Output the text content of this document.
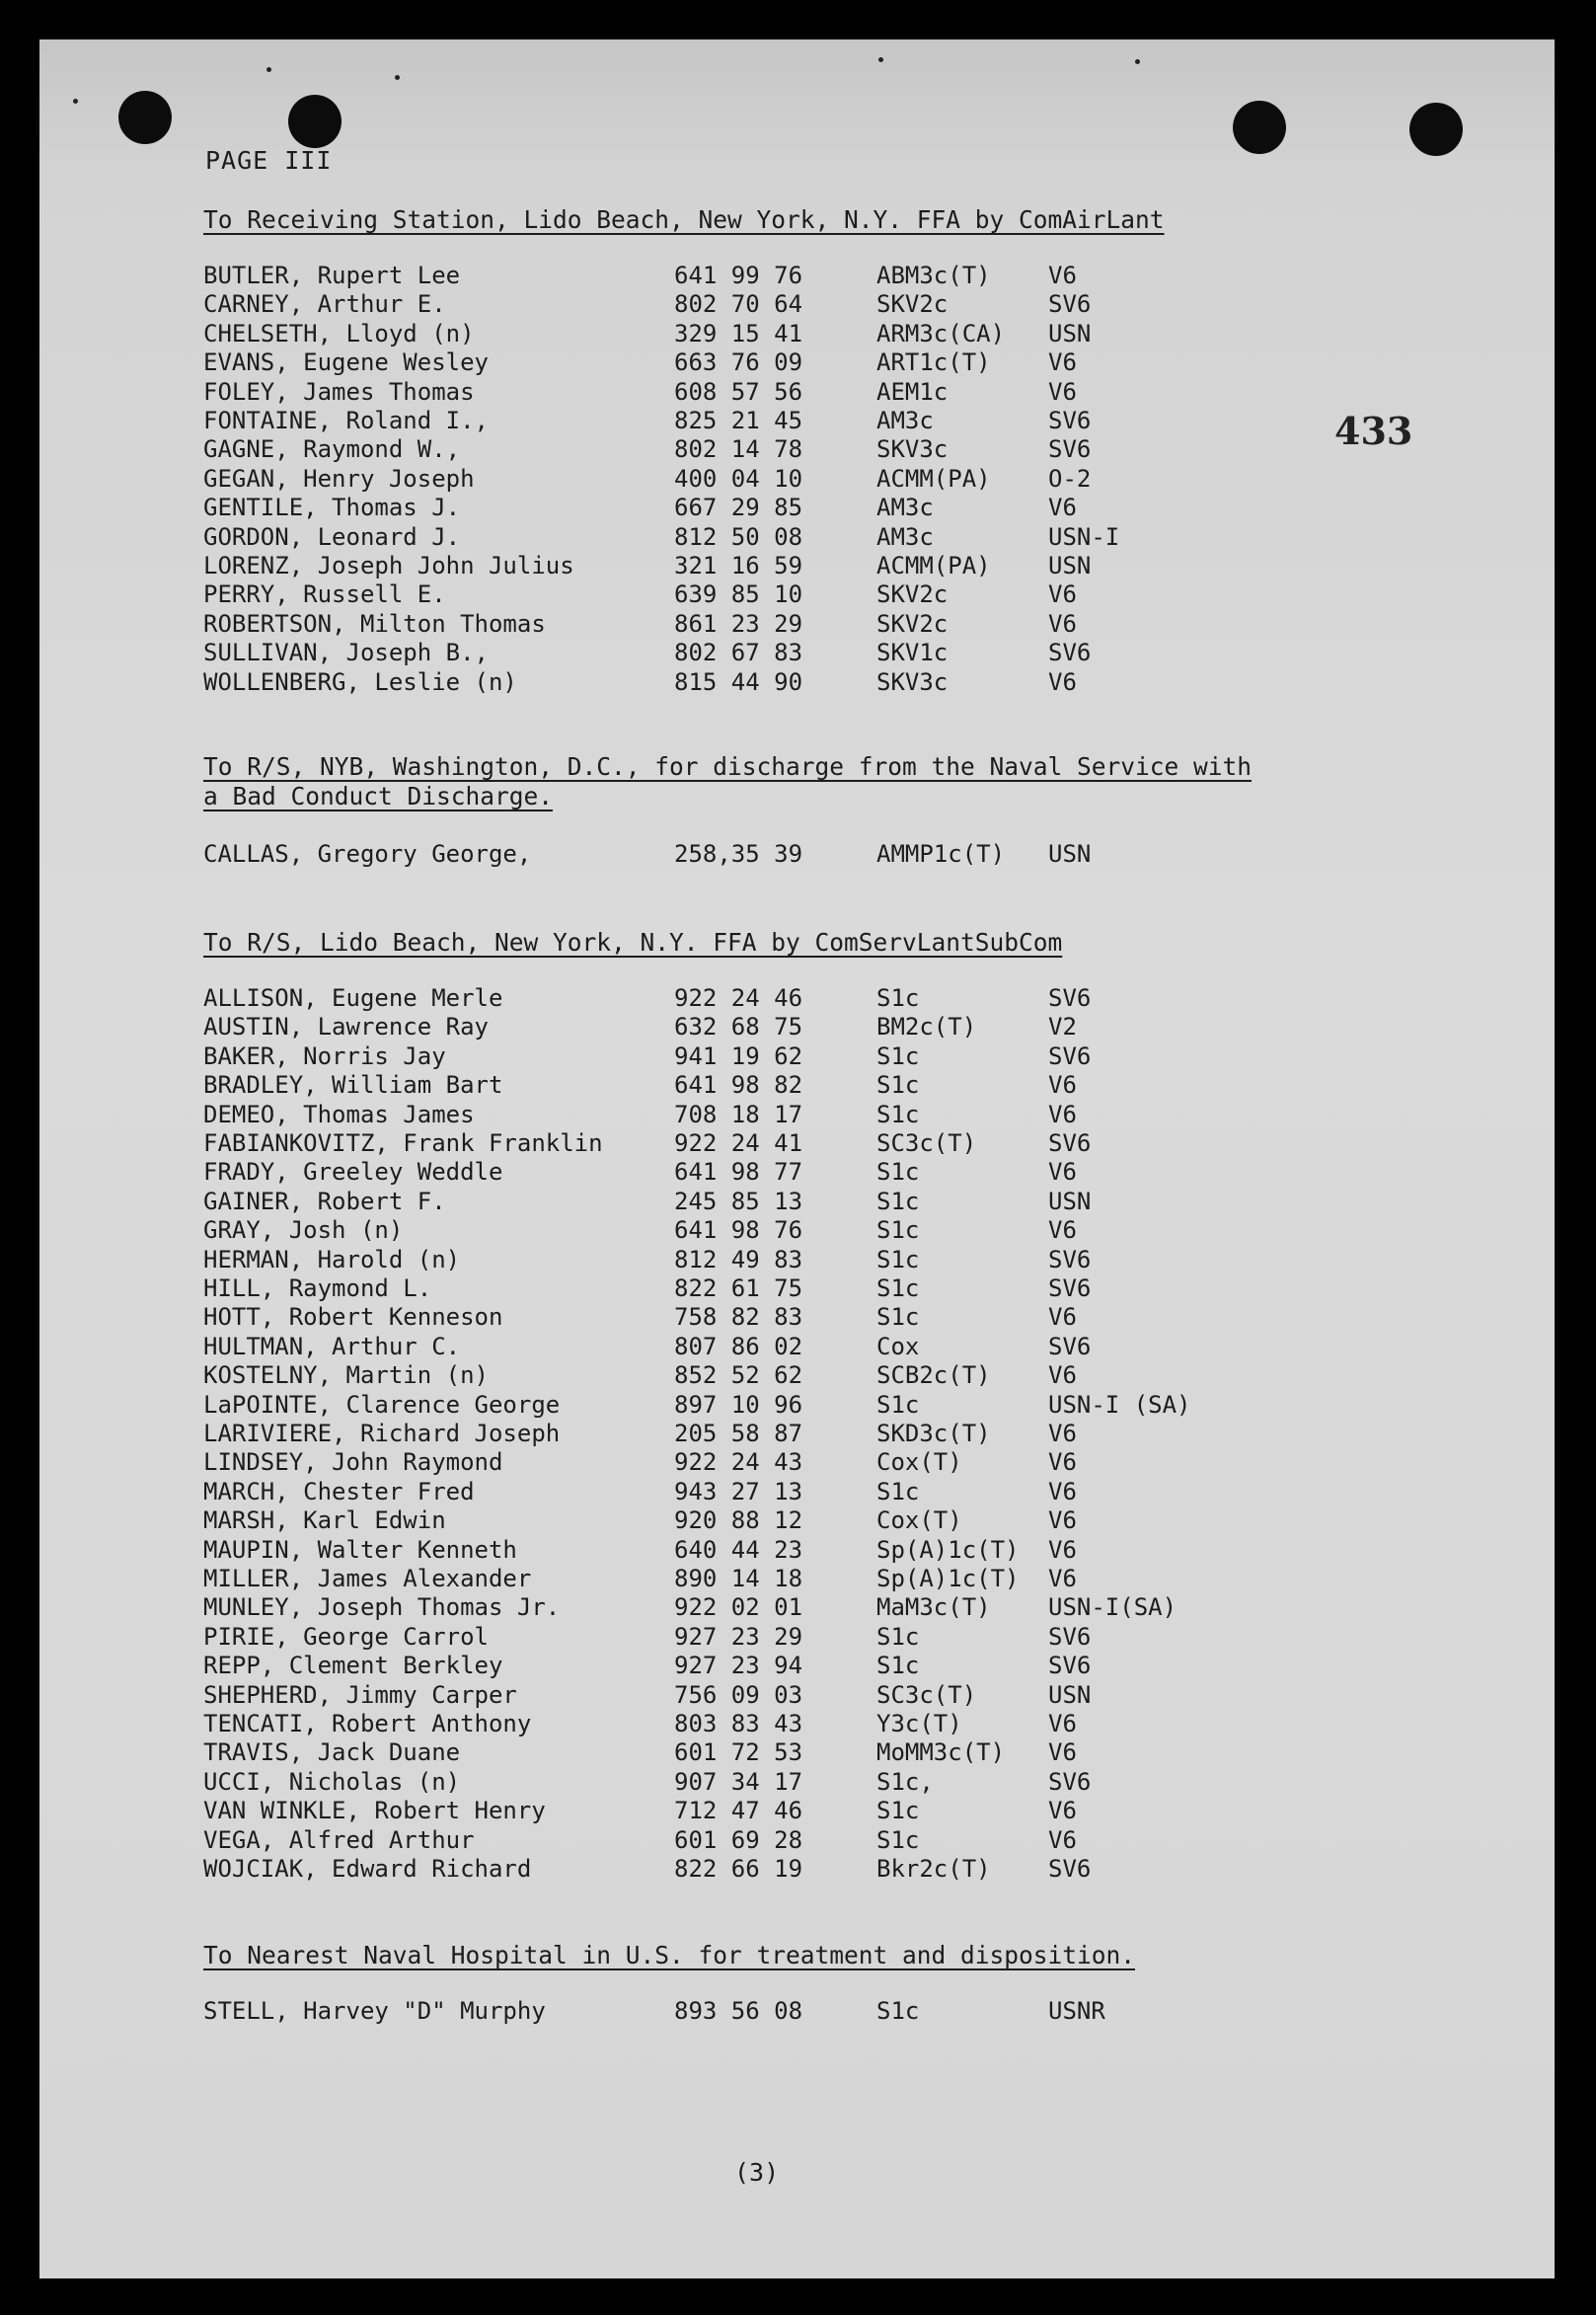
PAGE III
433
To Receiving Station, Lido Beach, New York, N.Y. FFA by ComAirLant
BUTLER, Rupert Lee	641 99 76	ABM3c(T) V6
CARNEY, Arthur E.	802 70 64	SKV2c	SV6
CHELSETH, Lloyd (n)	329 15 41	ARM3c(CA) USN
EVANS, Eugene Wesley	663 76 09	ART1c(T) V6
FOLEY, James Thomas	608 57 56	AEM1c	V6
FONTAINE, Roland I.,	825 21 45	AM3c	SV6
GAGNE, Raymond W.,	802 14 78	SKV3c	SV6
GEGAN, Henry Joseph	400 04 10	ACMM(PA) O-2
GENTILE, Thomas J.	667 29 85	AM3c	V6
GORDON, Leonard J.	812 50 08	AM3c	USN-I
LORENZ, Joseph John Julius	321 16 59	ACMM(PA) USN
PERRY, Russell E.	639 85 10	SKV2c	V6
ROBERTSON, Milton Thomas	861 23 29	SKV2c	V6
SULLIVAN, Joseph B.,	802 67 83	SKV1c	SV6
WOLLENBERG, Leslie (n)	815 44 90	SKV3c	V6
To R/S, NYB, Washington, D.C., for discharge from the Naval Service with
a Bad Conduct Discharge.
CALLAS, Gregory George,	258,35 39	AMMP1c(T) USN
To R/S, Lido Beach, New York, N.Y. FFA by ComServLantSubCom
ALLISON, Eugene Merle	922 24 46	S1c	SV6
AUSTIN, Lawrence Ray	632 68 75	BM2c(T)	V2
BAKER, Norris Jay	941 19 62	S1c	SV6
BRADLEY, William Bart	641 98 82	S1c	V6
DEMEO, Thomas James	708 18 17	S1c	V6
FABIANKOVITZ, Frank Franklin	922 24 41	SC3c(T)	SV6
FRADY, Greeley Weddle	641 98 77	S1c	V6
GAINER, Robert F.	245 85 13	S1c	USN
GRAY, Josh (n)	641 98 76	S1c	V6
HERMAN, Harold (n)	812 49 83	S1c	SV6
HILL, Raymond L.	822 61 75	S1c	SV6
HOTT, Robert Kenneson	758 82 83	S1c	V6
HULTMAN, Arthur C.	807 86 02	Cox	SV6
KOSTELNY, Martin (n)	852 52 62	SCB2c(T) V6
LaPOINTE, Clarence George	897 10 96	S1c	USN-I (SA)
LARIVIERE, Richard Joseph	205 58 87	SKD3c(T) V6
LINDSEY, John Raymond	922 24 43	Cox(T)	V6
MARCH, Chester Fred	943 27 13	S1c	V6
MARSH, Karl Edwin	920 88 12	Cox(T)	V6
MAUPIN, Walter Kenneth	640 44 23	Sp(A)1c(T) V6
MILLER, James Alexander	890 14 18	Sp(A)1c(T) V6
MUNLEY, Joseph Thomas Jr.	922 02 01	MaM3c(T) USN-I(SA)
PIRIE, George Carrol	927 23 29	S1c	SV6
REPP, Clement Berkley	927 23 94	S1c	SV6
SHEPHERD, Jimmy Carper	756 09 03	SC3c(T)	USN
TENCATI, Robert Anthony	803 83 43	Y3c(T)	V6
TRAVIS, Jack Duane	601 72 53	MoMM3c(T) V6
UCCI, Nicholas (n)	907 34 17	S1c,	SV6
VAN WINKLE, Robert Henry	712 47 46	S1c	V6
VEGA, Alfred Arthur	601 69 28	S1c	V6
WOJCIAK, Edward Richard	822 66 19	Bkr2c(T) SV6
To Nearest Naval Hospital in U.S. for treatment and disposition.
STELL, Harvey "D" Murphy	893 56 08	S1c	USNR
(3)
